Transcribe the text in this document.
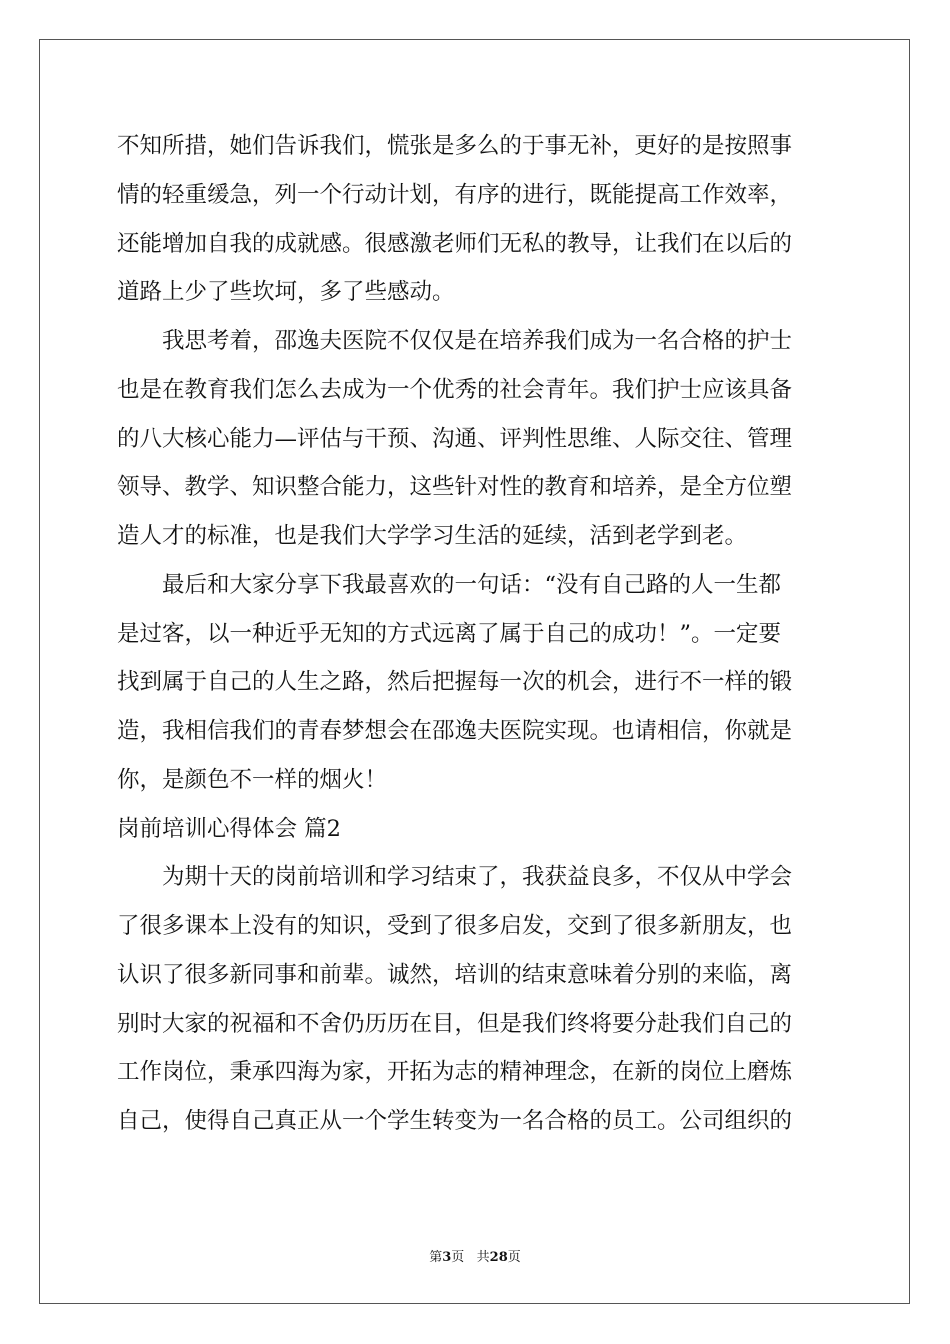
不知所措，她们告诉我们，慌张是多么的于事无补，更好的是按照事
情的轻重缓急，列一个行动计划，有序的进行，既能提高工作效率，
还能增加自我的成就感。很感激老师们无私的教导，让我们在以后的
道路上少了些坎坷，多了些感动。
我思考着，邵逸夫医院不仅仅是在培养我们成为一名合格的护士
也是在教育我们怎么去成为一个优秀的社会青年。我们护士应该具备
的八大核心能力—评估与干预、沟通、评判性思维、人际交往、管理
领导、教学、知识整合能力，这些针对性的教育和培养，是全方位塑
造人才的标准，也是我们大学学习生活的延续，活到老学到老。
最后和大家分享下我最喜欢的一句话：“没有自己路的人一生都
是过客，以一种近乎无知的方式远离了属于自己的成功！”。一定要
找到属于自己的人生之路，然后把握每一次的机会，进行不一样的锻
造，我相信我们的青春梦想会在邵逸夫医院实现。也请相信，你就是
你，是颜色不一样的烟火！
岗前培训心得体会 篇2
为期十天的岗前培训和学习结束了，我获益良多，不仅从中学会
了很多课本上没有的知识，受到了很多启发，交到了很多新朋友，也
认识了很多新同事和前辈。诚然，培训的结束意味着分别的来临，离
别时大家的祝福和不舍仍历历在目，但是我们终将要分赴我们自己的
工作岗位，秉承四海为家，开拓为志的精神理念，在新的岗位上磨炼
自己，使得自己真正从一个学生转变为一名合格的员工。公司组织的
第3页   共28页
